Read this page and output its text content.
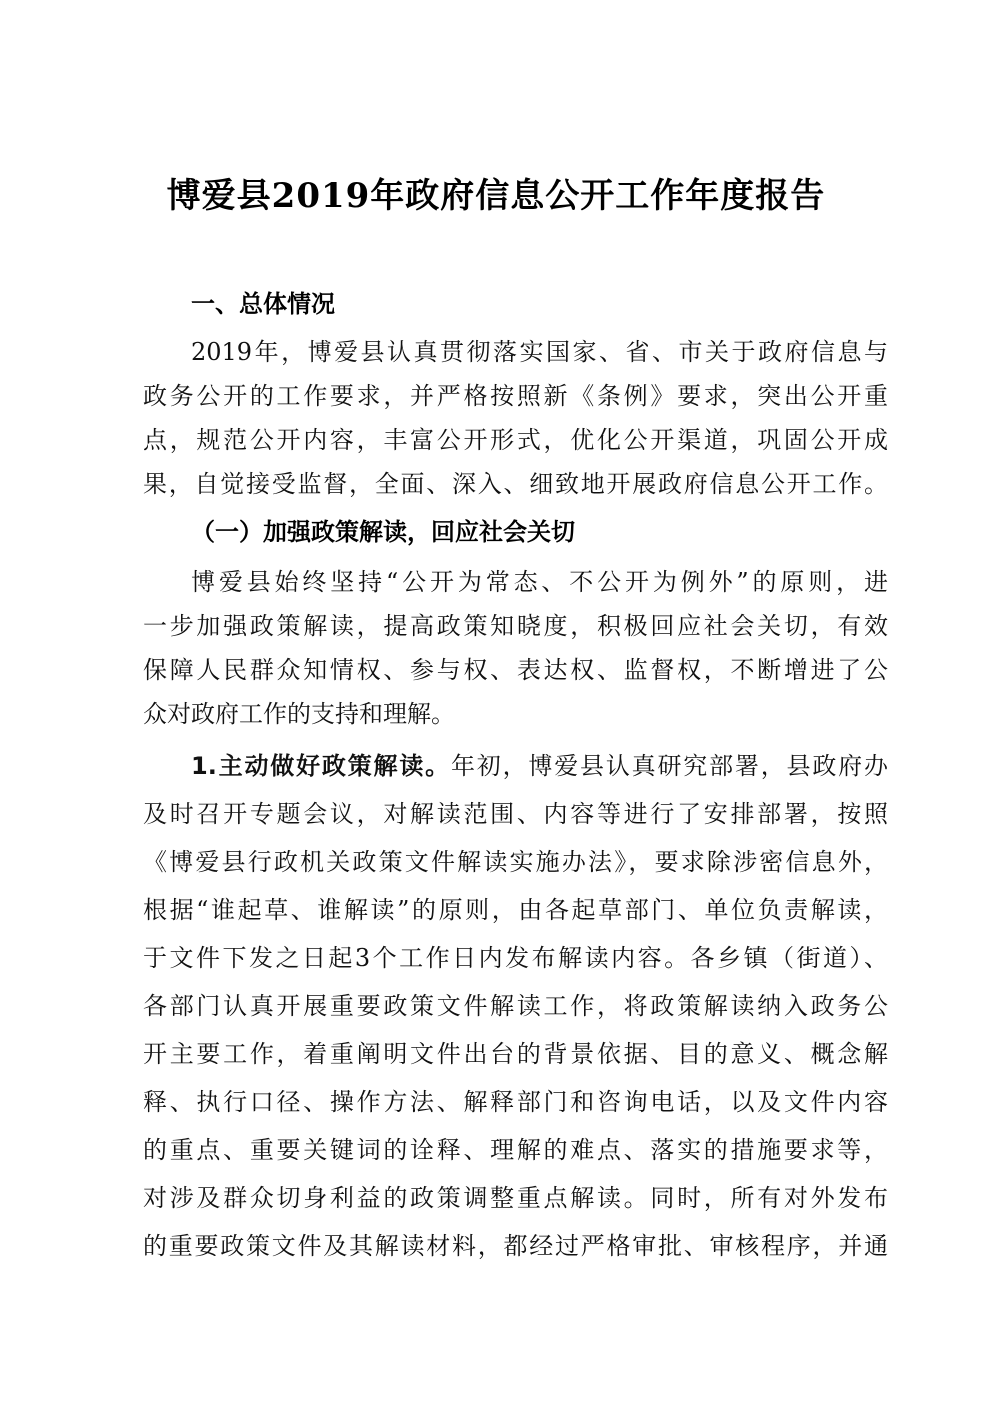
博爱县2019年政府信息公开工作年度报告
一、总体情况
2019年，博爱县认真贯彻落实国家、省、市关于政府信息与
政务公开的工作要求，并严格按照新《条例》要求，突出公开重
点，规范公开内容，丰富公开形式，优化公开渠道，巩固公开成
果，自觉接受监督，全面、深入、细致地开展政府信息公开工作。
（一）加强政策解读，回应社会关切
博爱县始终坚持“公开为常态、不公开为例外”的原则，进
一步加强政策解读，提高政策知晓度，积极回应社会关切，有效
保障人民群众知情权、参与权、表达权、监督权，不断增进了公
众对政府工作的支持和理解。
1.主动做好政策解读。年初，博爱县认真研究部署，县政府办
及时召开专题会议，对解读范围、内容等进行了安排部署，按照
《博爱县行政机关政策文件解读实施办法》，要求除涉密信息外，
根据“谁起草、谁解读”的原则，由各起草部门、单位负责解读，
于文件下发之日起3个工作日内发布解读内容。各乡镇（街道）、
各部门认真开展重要政策文件解读工作，将政策解读纳入政务公
开主要工作，着重阐明文件出台的背景依据、目的意义、概念解
释、执行口径、操作方法、解释部门和咨询电话，以及文件内容
的重点、重要关键词的诠释、理解的难点、落实的措施要求等，
对涉及群众切身利益的政策调整重点解读。同时，所有对外发布
的重要政策文件及其解读材料，都经过严格审批、审核程序，并通
